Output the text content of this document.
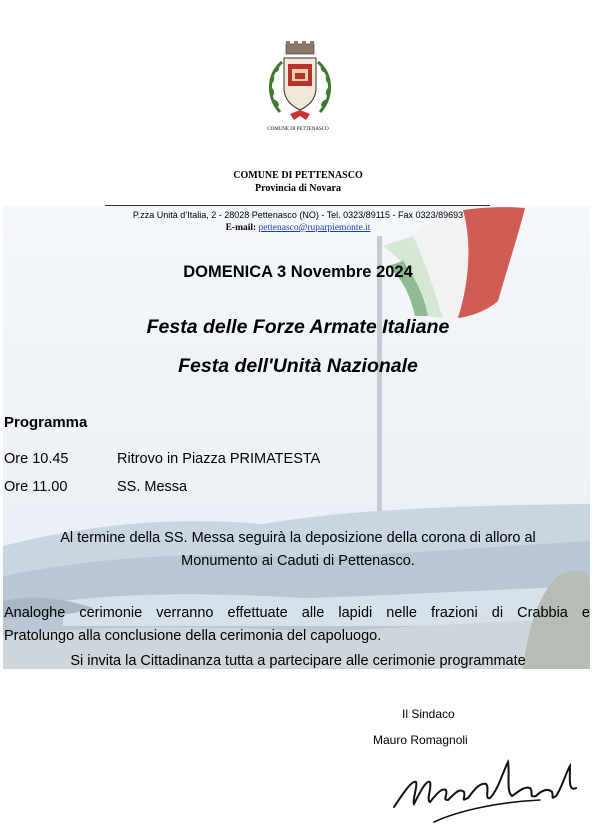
COMUNE DI PETTENASCO
COMUNE DI PETTENASCO
Provincia di Novara
P.zza Unità d’Italia, 2 - 28028 Pettenasco (NO) - Tel. 0323/89115 - Fax 0323/89693
E-mail: pettenasco@ruparpiemonte.it
DOMENICA 3 Novembre 2024
Festa delle Forze Armate Italiane
Festa dell'Unità Nazionale
Programma
Ore 10.45	Ritrovo in Piazza PRIMATESTA
Ore 11.00	SS. Messa
Al termine della SS. Messa seguirà la deposizione della corona di alloro al
Monumento ai Caduti di Pettenasco.
Analoghe cerimonie verranno effettuate alle lapidi nelle frazioni di Crabbia e
Pratolungo alla conclusione della cerimonia del capoluogo.
Si invita la Cittadinanza tutta a partecipare alle cerimonie programmate
Il Sindaco
Mauro Romagnoli
